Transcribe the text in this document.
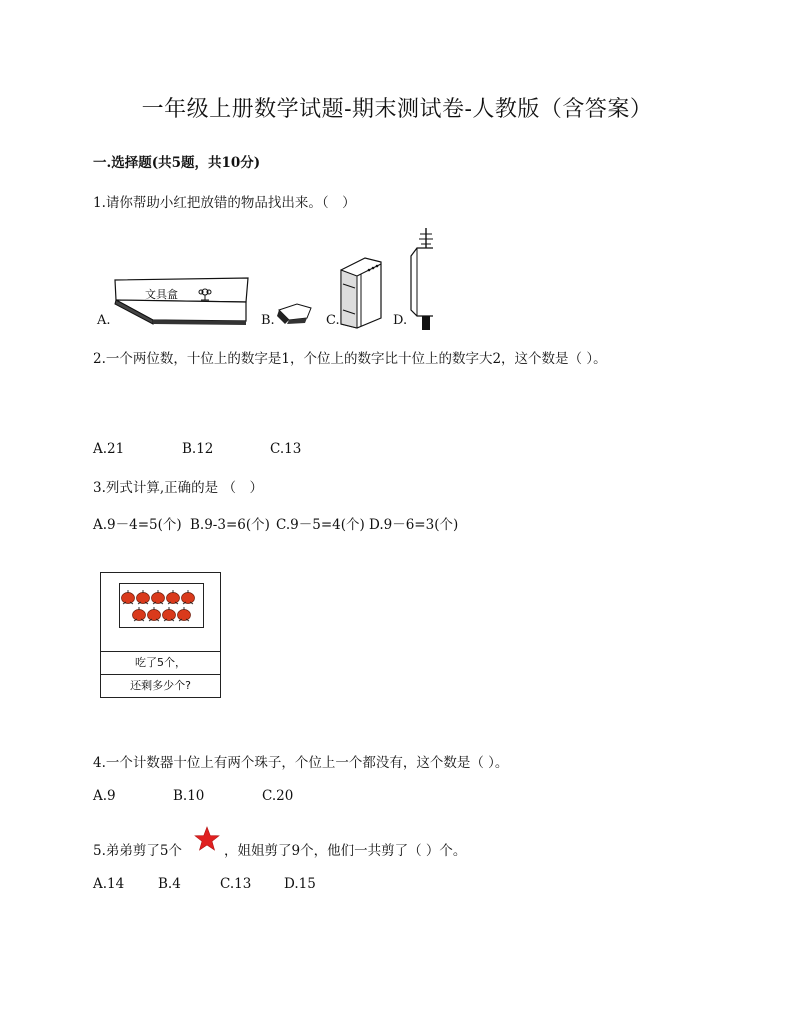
一年级上册数学试题-期末测试卷-人教版（含答案）
一.选择题(共5题，共10分)
1.请你帮助小红把放错的物品找出来。（　）
文具盒
A.	B.	C.	D.
2.一个两位数，十位上的数字是1，个位上的数字比十位上的数字大2，这个数是（ ）。
A.21	B.12	C.13
3.列式计算,正确的是 （　）
A.9－4=5(个) B.9-3=6(个) C.9－5=4(个) D.9－6=3(个)
吃了5个，
还剩多少个?
4.一个计数器十位上有两个珠子，个位上一个都没有，这个数是（ ）。
A.9	B.10	C.20
5.弟弟剪了5个	，姐姐剪了9个，他们一共剪了（ ）个。
A.14	B.4	C.13 D.15
